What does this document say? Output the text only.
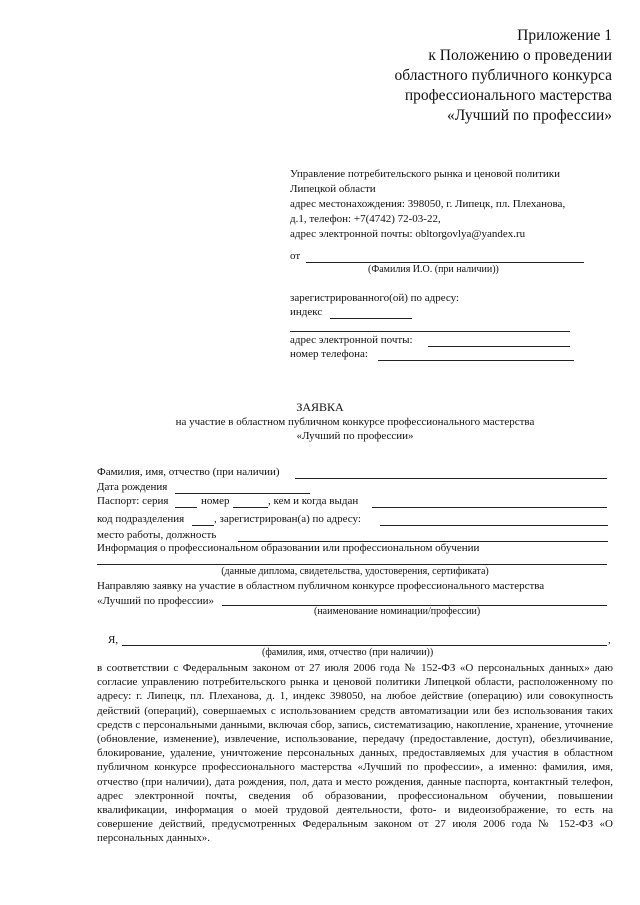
Приложение 1
к Положению о проведении
областного публичного конкурса
профессионального мастерства
«Лучший по профессии»
Управление потребительского рынка и ценовой политики
Липецкой области
адрес местонахождения: 398050, г. Липецк, пл. Плеханова,
д.1, телефон: +7(4742) 72-03-22,
адрес электронной почты: obltorgovlya@yandex.ru
от
(Фамилия И.О. (при наличии))
зарегистрированного(ой) по адресу:
индекс
адрес электронной почты:
номер телефона:
ЗАЯВКА
на участие в областном публичном конкурсе профессионального мастерства
«Лучший по профессии»
Фамилия, имя, отчество (при наличии)
Дата рождения
Паспорт: серия	номер	, кем и когда выдан
код подразделения	, зарегистрирован(а) по адресу:
место работы, должность
Информация о профессиональном образовании или профессиональном обучении
(данные диплома, свидетельства, удостоверения, сертификата)
Направляю заявку на участие в областном публичном конкурсе профессионального мастерства
«Лучший по профессии»
(наименование номинации/профессии)
Я,	,
(фамилия, имя, отчество (при наличии))
в соответствии с Федеральным законом от 27 июля 2006 года № 152-ФЗ «О персональных данных» даю согласие управлению потребительского рынка и ценовой политики Липецкой области, расположенному по адресу: г. Липецк, пл. Плеханова, д. 1, индекс 398050, на любое действие (операцию) или совокупность действий (операций), совершаемых с использованием средств автоматизации или без использования таких средств с персональными данными, включая сбор, запись, систематизацию, накопление, хранение, уточнение (обновление, изменение), извлечение, использование, передачу (предоставление, доступ), обезличивание, блокирование, удаление, уничтожение персональных данных, предоставляемых для участия в областном публичном конкурсе профессионального мастерства «Лучший по профессии», а именно: фамилия, имя, отчество (при наличии), дата рождения, пол, дата и место рождения, данные паспорта, контактный телефон, адрес электронной почты, сведения об образовании, профессиональном обучении, повышении квалификации, информация о моей трудовой деятельности, фото- и видеоизображение, то есть на совершение действий, предусмотренных Федеральным законом от 27 июля 2006 года № 152-ФЗ «О персональных данных».
